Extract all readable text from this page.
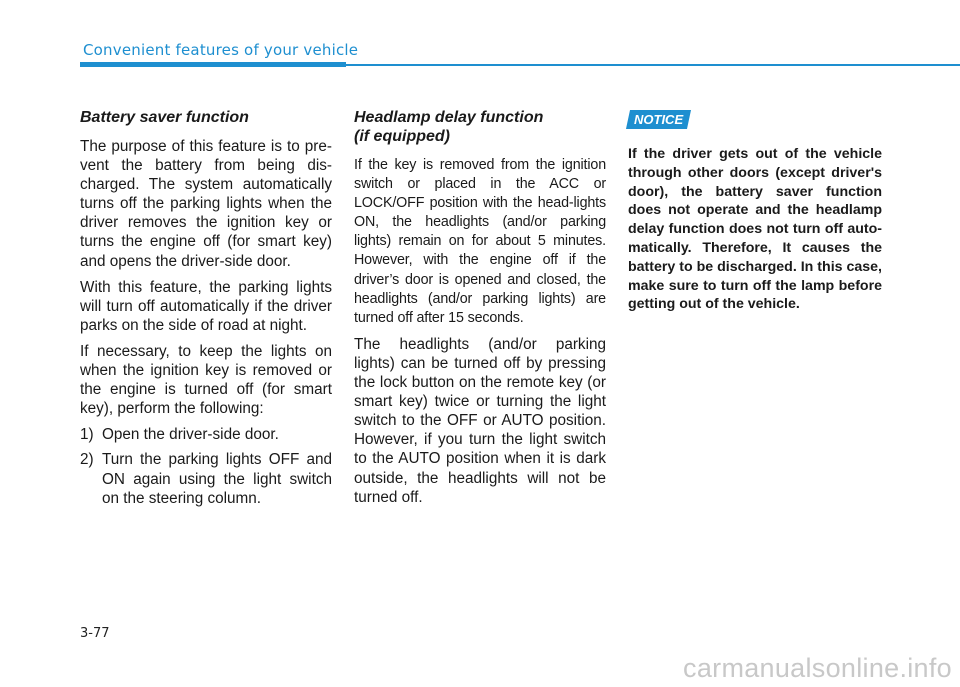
Convenient features of your vehicle
Battery saver function

The purpose of this feature is to pre-vent the battery from being dis-charged. The system automatically turns off the parking lights when the driver removes the ignition key or turns the engine off (for smart key) and opens the driver-side door.

With this feature, the parking lights will turn off automatically if the driver parks on the side of road at night.

If necessary, to keep the lights on when the ignition key is removed or the engine is turned off (for smart key), perform the following:

1) Open the driver-side door.
2) Turn the parking lights OFF and ON again using the light switch on the steering column.
Headlamp delay function
(if equipped)

If the key is removed from the ignition switch or placed in the ACC or LOCK/OFF position with the head-lights ON, the headlights (and/or parking lights) remain on for about 5 minutes. However, with the engine off if the driver’s door is opened and closed, the headlights (and/or parking lights) are turned off after 15 seconds.

The headlights (and/or parking lights) can be turned off by pressing the lock button on the remote key (or smart key) twice or turning the light switch to the OFF or AUTO position. However, if you turn the light switch to the AUTO position when it is dark outside, the headlights will not be turned off.

NOTICE
If the driver gets out of the vehicle through other doors (except driver's door), the battery saver function does not operate and the headlamp delay function does not turn off auto-matically. Therefore, It causes the battery to be discharged. In this case, make sure to turn off the lamp before getting out of the vehicle.
3-77
carmanualsonline.info
